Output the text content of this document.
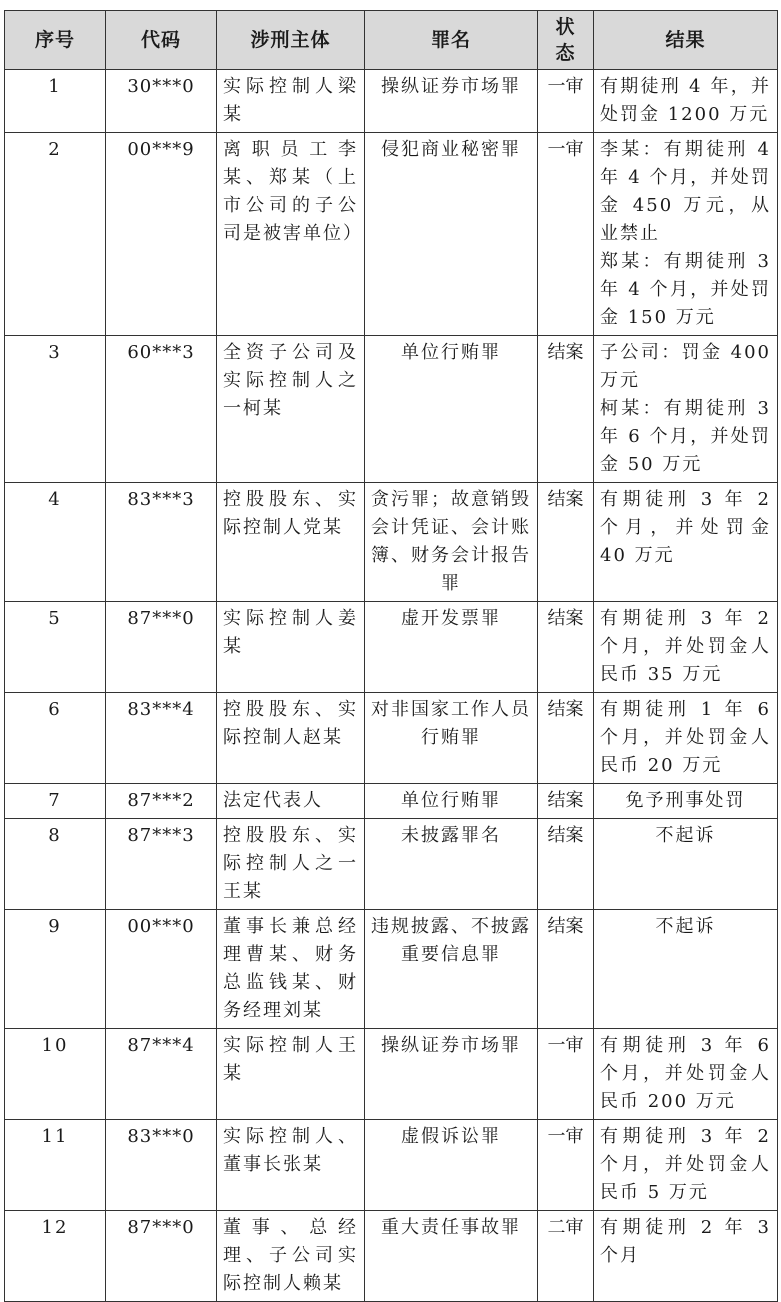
序号	代码	涉刑主体	罪名	状态	结果
1	30***0	实际控制人梁某	操纵证券市场罪	一审	有期徒刑 4 年，并处罚金 1200 万元

2	00***9	离职员工李某、郑某（上市公司的子公司是被害单位）	侵犯商业秘密罪	一审	李某：有期徒刑 4 年 4 个月，并处罚金 450 万元，从业禁止
郑某：有期徒刑 3 年 4 个月，并处罚金 150 万元

3	60***3	全资子公司及实际控制人之一柯某	单位行贿罪	结案	子公司：罚金 400 万元
柯某：有期徒刑 3 年 6 个月，并处罚金 50 万元

4	83***3	控股股东、实际控制人党某	贪污罪；故意销毁会计凭证、会计账簿、财务会计报告罪	结案	有期徒刑 3 年 2 个月，并处罚金 40 万元

5	87***0	实际控制人姜某	虚开发票罪	结案	有期徒刑 3 年 2 个月，并处罚金人民币 35 万元

6	83***4	控股股东、实际控制人赵某	对非国家工作人员行贿罪	结案	有期徒刑 1 年 6 个月，并处罚金人民币 20 万元

7	87***2	法定代表人	单位行贿罪	结案	免予刑事处罚

8	87***3	控股股东、实际控制人之一王某	未披露罪名	结案	不起诉

9	00***0	董事长兼总经理曹某、财务总监钱某、财务经理刘某	违规披露、不披露重要信息罪	结案	不起诉

10	87***4	实际控制人王某	操纵证券市场罪	一审	有期徒刑 3 年 6 个月，并处罚金人民币 200 万元

11	83***0	实际控制人、董事长张某	虚假诉讼罪	一审	有期徒刑 3 年 2 个月，并处罚金人民币 5 万元

12	87***0	董事、总经理、子公司实际控制人赖某	重大责任事故罪	二审	有期徒刑 2 年 3 个月
